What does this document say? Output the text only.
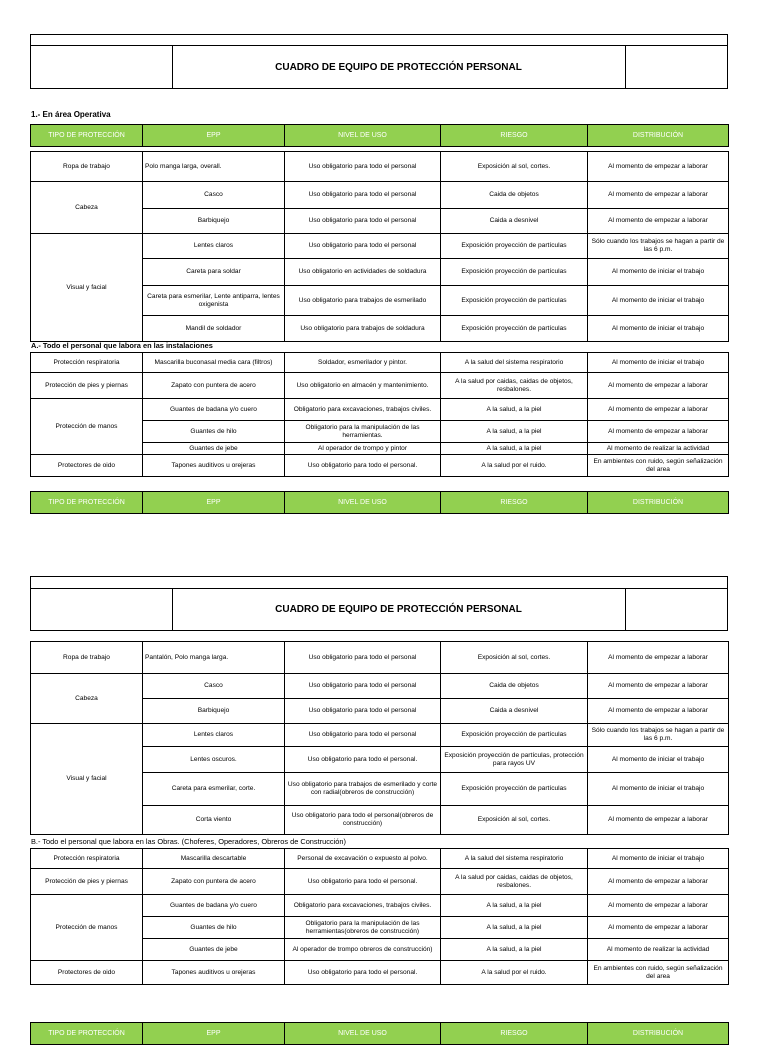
CUADRO DE EQUIPO DE PROTECCIÓN PERSONAL
1.- En área Operativa
TIPO DE PROTECCIÓN	EPP	NIVEL DE USO	RIESGO	DISTRIBUCIÓN
Ropa de trabajo	Polo manga larga, overall.	Uso obligatorio para todo el personal	Exposición al sol, cortes.	Al momento de empezar a laborar
Cabeza	Casco	Uso obligatorio para todo el personal	Caida de objetos	Al momento de empezar a laborar
	Barbiquejo	Uso obligatorio para todo el personal	Caida a desnivel	Al momento de empezar a laborar
Visual y facial	Lentes claros	Uso obligatorio para todo el personal	Exposición proyección de partículas	Sólo cuando los trabajos se hagan a partir de las 6 p.m.
	Careta para soldar	Uso obligatorio en actividades de soldadura	Exposición proyección de partículas	Al momento de iniciar el trabajo
	Careta para esmerilar, Lente antiparra, lentes oxigenista	Uso obligatorio para trabajos de esmerilado	Exposición proyección de partículas	Al momento de iniciar el trabajo
	Mandil de soldador	Uso obligatorio para trabajos de soldadura	Exposición proyección de partículas	Al momento de iniciar el trabajo
A.- Todo el personal que labora en las instalaciones
Protección respiratoria	Mascarilla buconasal media cara (filtros)	Soldador, esmerilador y pintor.	A la salud del sistema respiratorio	Al momento de iniciar el trabajo
Protección de pies y piernas	Zapato con puntera de acero	Uso obligatorio en almacén y mantenimiento.	A la salud por caidas, caidas de objetos, resbalones.	Al momento de empezar a laborar
Protección de manos	Guantes de badana y/o cuero	Obligatorio para excavaciones, trabajos civiles.	A la salud, a la piel	Al momento de empezar a laborar
	Guantes de hilo	Obligatorio para la manipulación de las herramientas.	A la salud, a la piel	Al momento de empezar a laborar
	Guantes de jebe	Al operador de trompo y pintor	A la salud, a la piel	Al momento de realizar la actividad
Protectores de oido	Tapones auditivos u orejeras	Uso obligatorio para todo el personal.	A la salud por el ruido.	En ambientes con ruido, según señalización del area
TIPO DE PROTECCIÓN	EPP	NIVEL DE USO	RIESGO	DISTRIBUCIÓN
CUADRO DE EQUIPO DE PROTECCIÓN PERSONAL
Ropa de trabajo	Pantalón, Polo manga larga.	Uso obligatorio para todo el personal	Exposición al sol, cortes.	Al momento de empezar a laborar
Cabeza	Casco	Uso obligatorio para todo el personal	Caida de objetos	Al momento de empezar a laborar
	Barbiquejo	Uso obligatorio para todo el personal	Caida a desnivel	Al momento de empezar a laborar
Visual y facial	Lentes claros	Uso obligatorio para todo el personal	Exposición proyección de partículas	Sólo cuando los trabajos se hagan a partir de las 6 p.m.
	Lentes oscuros.	Uso obligatorio para todo el personal.	Exposición proyección de partículas, protección para rayos UV	Al momento de iniciar el trabajo
	Careta para esmerilar, corte.	Uso obligatorio para trabajos de esmerilado y corte con radial(obreros de construcción)	Exposición proyección de partículas	Al momento de iniciar el trabajo
	Corta viento	Uso obligatorio para todo el personal(obreros de construcción)	Exposición al sol, cortes.	Al momento de empezar a laborar
B.- Todo el personal que labora en las Obras. (Choferes, Operadores, Obreros de Construcción)
Protección respiratoria	Mascarilla descartable	Personal de excavación o expuesto al polvo.	A la salud del sistema respiratorio	Al momento de iniciar el trabajo
Protección de pies y piernas	Zapato con puntera de acero	Uso obligatorio para todo el personal.	A la salud por caidas, caidas de objetos, resbalones.	Al momento de empezar a laborar
Protección de manos	Guantes de badana y/o cuero	Obligatorio para excavaciones, trabajos civiles.	A la salud, a la piel	Al momento de empezar a laborar
	Guantes de hilo	Obligatorio para la manipulación de las herramientas(obreros de construcción)	A la salud, a la piel	Al momento de empezar a laborar
	Guantes de jebe	Al operador de trompo obreros de construcción)	A la salud, a la piel	Al momento de realizar la actividad
Protectores de oido	Tapones auditivos u orejeras	Uso obligatorio para todo el personal.	A la salud por el ruido.	En ambientes con ruido, según señalización del area
TIPO DE PROTECCIÓN	EPP	NIVEL DE USO	RIESGO	DISTRIBUCIÓN
